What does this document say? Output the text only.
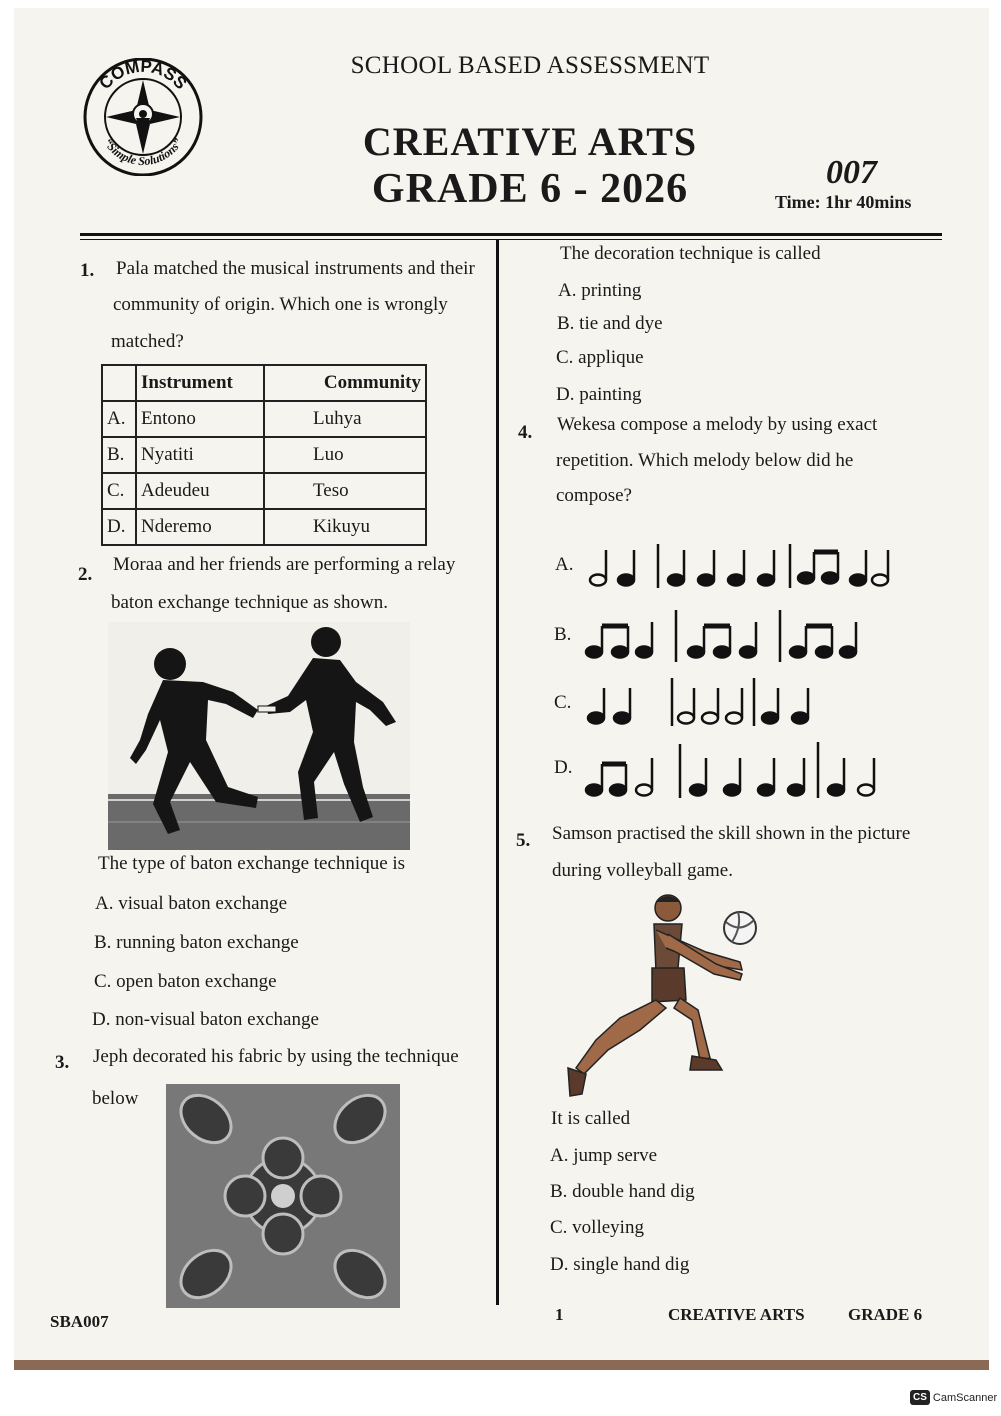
COMPASS
“Simple Solutions”
SCHOOL BASED ASSESSMENT
CREATIVE ARTS
GRADE 6 - 2026	007
Time: 1hr 40mins
1. Pala matched the musical instruments and their
community of origin. Which one is wrongly
matched?
	Instrument	Community
A.	Entono	Luhya
B.	Nyatiti	Luo
C.	Adeudeu	Teso
D.	Nderemo	Kikuyu
2. Moraa and her friends are performing a relay
baton exchange technique as shown.
The type of baton exchange technique is
A. visual baton exchange
B. running baton exchange
C. open baton exchange
D. non-visual baton exchange
3. Jeph decorated his fabric by using the technique
below
The decoration technique is called
A. printing
B. tie and dye
C. applique
D. painting
4. Wekesa compose a melody by using exact
repetition. Which melody below did he
compose?
A.
B.
C.
D.
5. Samson practised the skill shown in the picture
during volleyball game.
It is called
A. jump serve
B. double hand dig
C. volleying
D. single hand dig
SBA007	1	CREATIVE ARTS	GRADE 6
CS CamScanner
